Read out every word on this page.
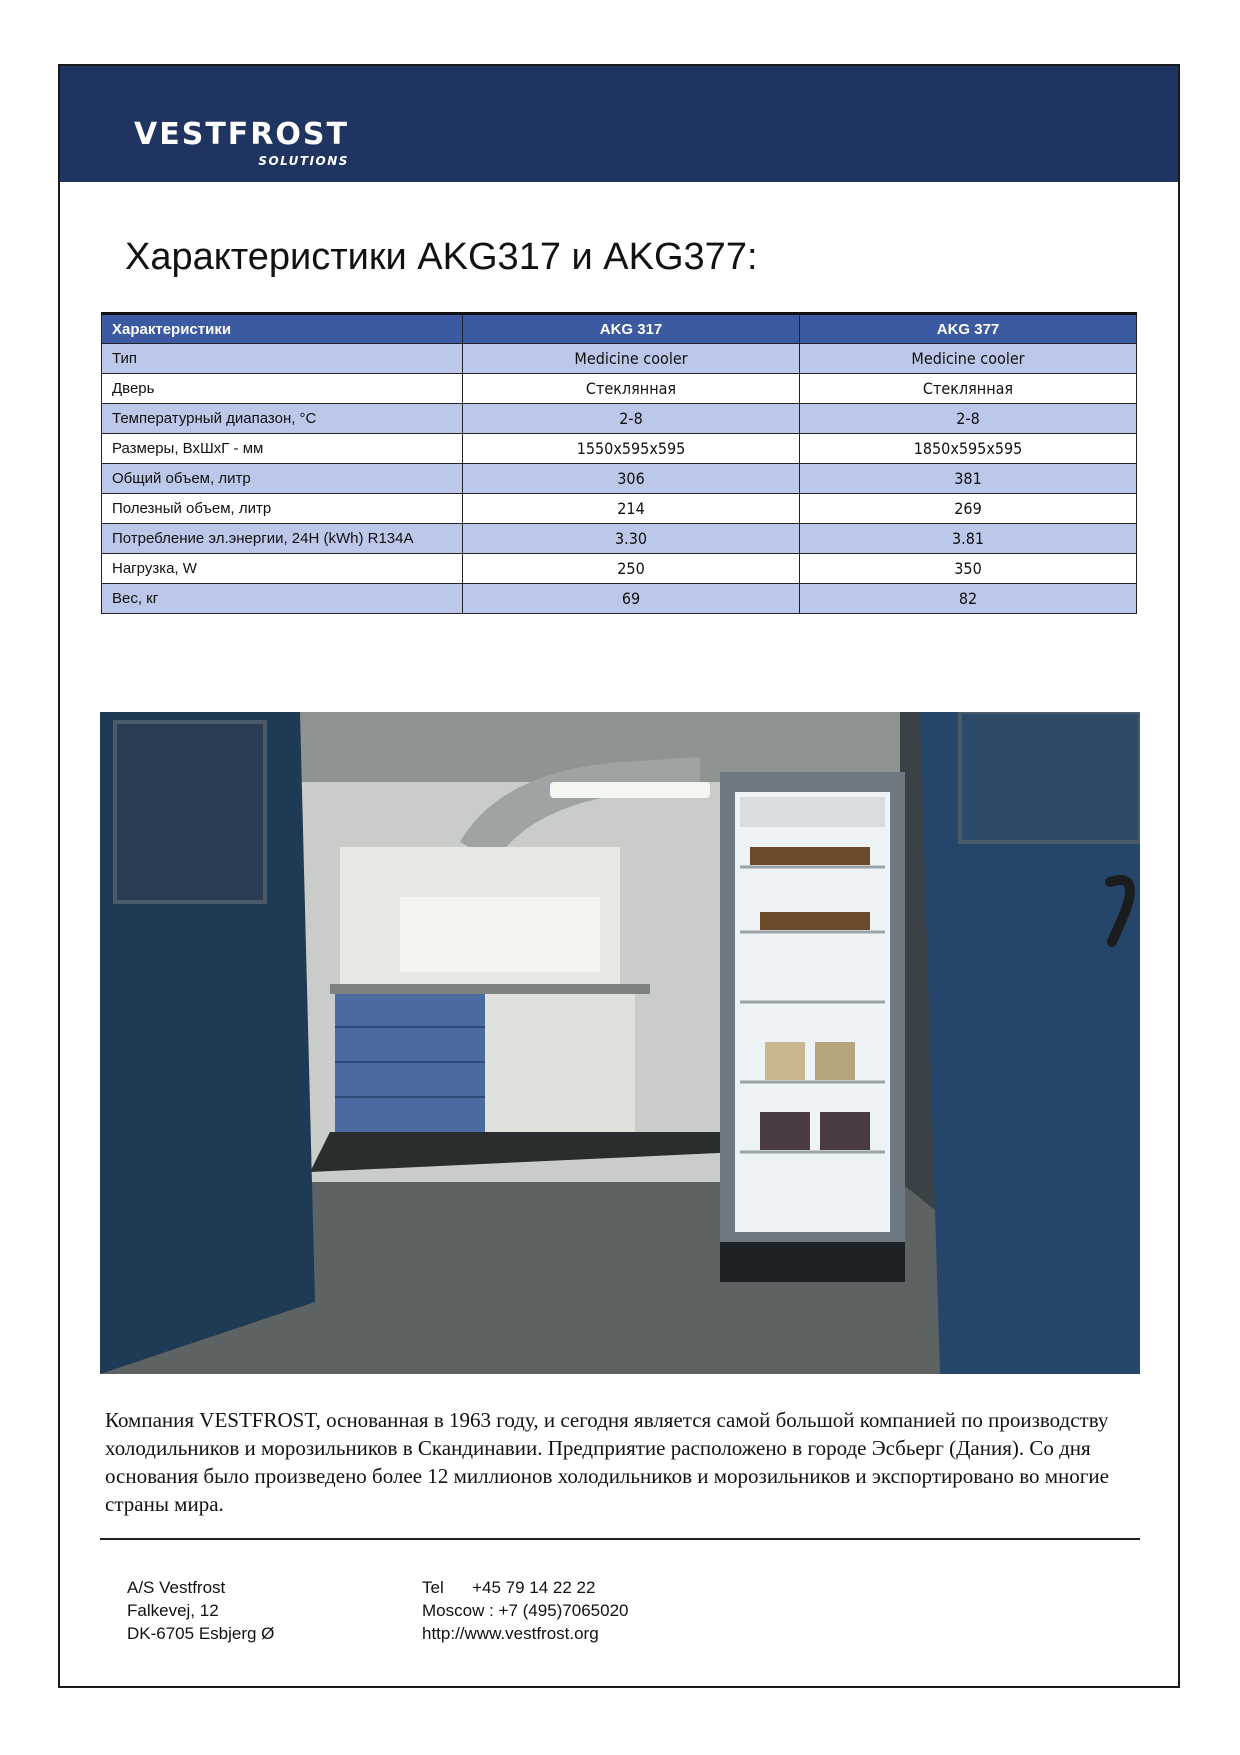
VESTFROST
SOLUTIONS
Характеристики AKG317 и AKG377:
Характеристики	AKG 317	AKG 377
Тип	Medicine cooler	Medicine cooler
Дверь	Стеклянная	Стеклянная
Температурный диапазон, °C	2-8	2-8
Размеры, ВхШхГ - мм	1550x595x595	1850x595x595
Общий объем, литр	306	381
Полезный объем, литр	214	269
Потребление эл.энергии, 24H (kWh) R134A	3.30	3.81
Нагрузка, W	250	350
Вес, кг	69	82

Компания VESTFROST, основанная в 1963 году, и сегодня является самой большой компанией по производству холодильников и морозильников в Скандинавии. Предприятие расположено в городе Эсбьерг (Дания). Со дня основания было произведено более 12 миллионов холодильников и морозильников и экспортировано во многие страны мира.

A/S Vestfrost
Falkevej, 12
DK-6705 Esbjerg Ø
Tel      +45 79 14 22 22
Moscow : +7 (495)7065020
http://www.vestfrost.org
